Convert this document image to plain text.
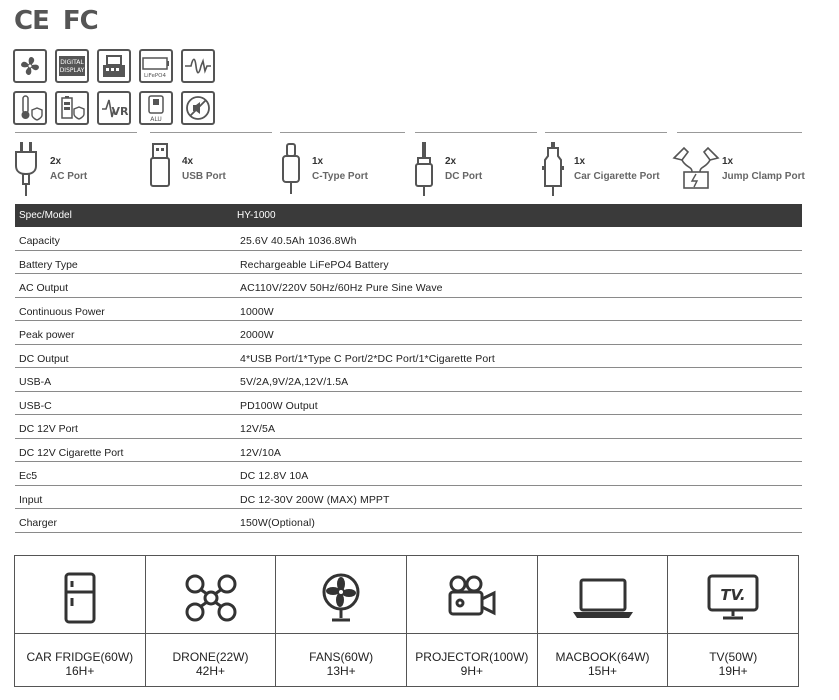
CE FC
DIGITAL
DISPLAY
LiFePO4
VR
ALU
2x
AC Port
4x
USB Port
1x
C-Type Port
2x
DC Port
1x
Car Cigarette Port
1x
Jump Clamp Port
Spec/Model	HY-1000
Capacity	25.6V 40.5Ah 1036.8Wh
Battery Type	Rechargeable LiFePO4 Battery
AC Output	AC110V/220V 50Hz/60Hz Pure Sine Wave
Continuous Power	1000W
Peak power	2000W
DC Output	4*USB Port/1*Type C Port/2*DC Port/1*Cigarette Port
USB-A	5V/2A,9V/2A,12V/1.5A
USB-C	PD100W Output
DC 12V Port	12V/5A
DC 12V Cigarette Port	12V/10A
Ec5	DC 12.8V 10A
Input	DC 12-30V 200W (MAX) MPPT
Charger	150W(Optional)
CAR FRIDGE(60W)
16H+
DRONE(22W)
42H+
FANS(60W)
13H+
PROJECTOR(100W)
9H+
MACBOOK(64W)
15H+
TV.
TV(50W)
19H+
